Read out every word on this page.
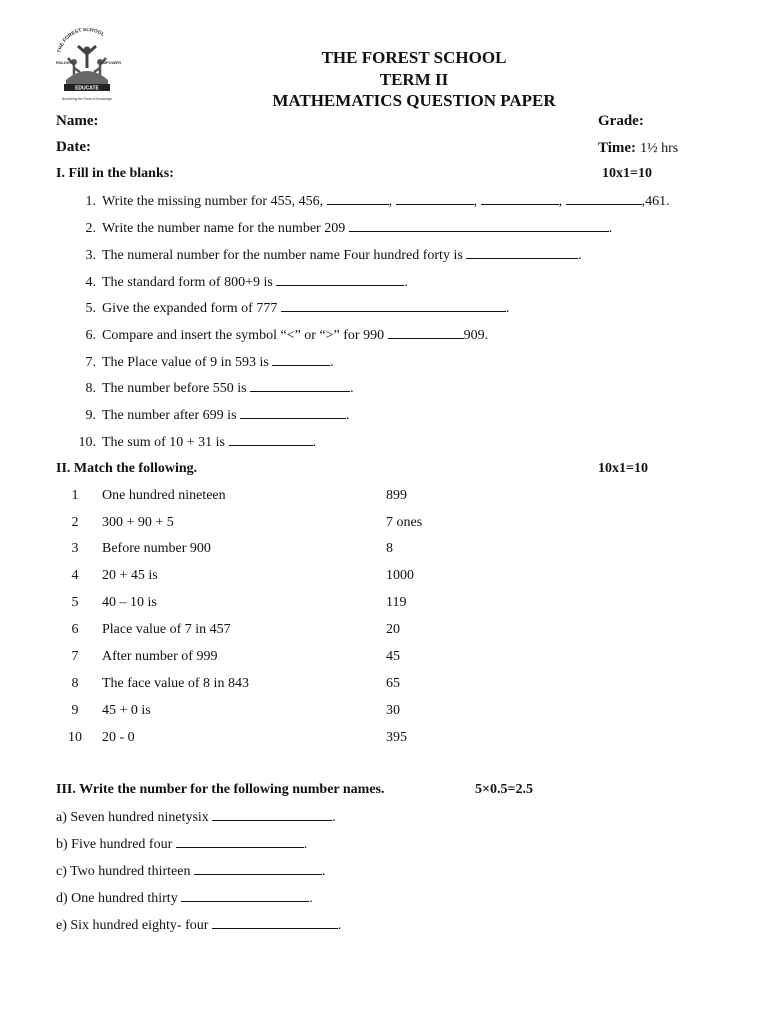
THE FOREST SCHOOL
EDUCATE
ENLIGHT	EMPOWER
Nourishing the Roots of Knowledge
THE FOREST SCHOOL
TERM II
MATHEMATICS QUESTION PAPER
Name:	Grade:
Date:	Time: 1½ hrs
I. Fill in the blanks:	10x1=10
1. Write the missing number for 455, 456,	,	,	,	,461.
2. Write the number name for the number 209	.
3. The numeral number for the number name Four hundred forty is	.
4. The standard form of 800+9 is	.
5. Give the expanded form of 777	.
6. Compare and insert the symbol “<” or “>” for 990	909.
7. The Place value of 9 in 593 is	.
8. The number before 550 is	.
9. The number after 699 is	.
10. The sum of 10 + 31 is	.
II. Match the following.	10x1=10
1	One hundred nineteen	899
2	300 + 90 + 5	7 ones
3	Before number 900	8
4	20 + 45 is	1000
5	40 – 10 is	119
6	Place value of 7 in 457	20
7	After number of 999	45
8	The face value of 8 in 843	65
9	45 + 0 is	30
10	20 - 0	395
III. Write the number for the following number names.	5×0.5=2.5
a) Seven hundred ninetysix	.
b) Five hundred four	.
c) Two hundred thirteen	.
d) One hundred thirty	.
e) Six hundred eighty- four	.
